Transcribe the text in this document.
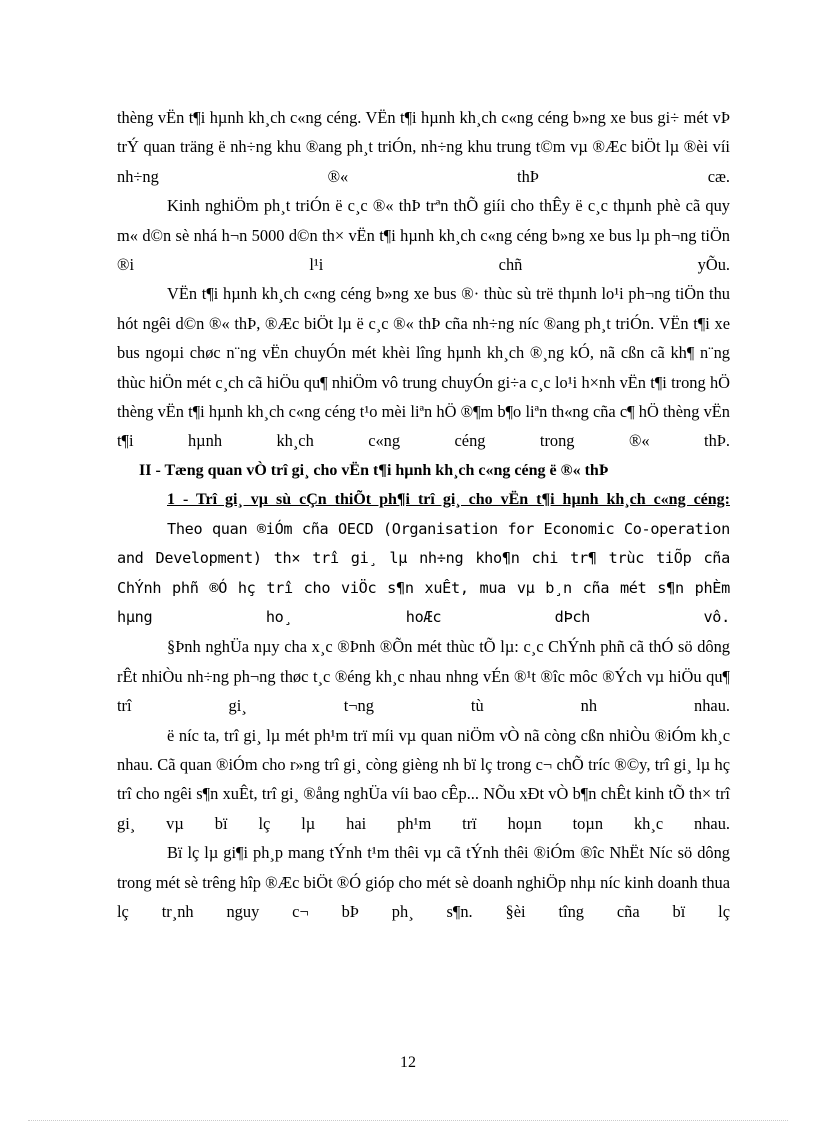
thèng vËn t¶i hµnh kh¸ch c«ng céng. VËn t¶i hµnh kh¸ch c«ng céng b»ng xe bus gi÷ mét vÞ trÝ quan träng ë nh÷ng khu ®ang ph¸t triÓn, nh÷ng khu trung t©m vµ ®Æc biÖt lµ ®èi víi nh÷ng ®« thÞ cæ.

Kinh nghiÖm ph¸t triÓn ë c¸c ®« thÞ trªn thÕ giíi cho thÊy ë c¸c thµnh phè cã quy m« d©n sè nhá h¬n 5000 d©n th× vËn t¶i hµnh kh¸ch c«ng céng b»ng xe bus lµ ph¬ng tiÖn ®i l¹i chñ yÕu.

VËn t¶i hµnh kh¸ch c«ng céng b»ng xe bus ®· thùc sù trë thµnh lo¹i ph¬ng tiÖn thu hót ngêi d©n ®« thÞ, ®Æc biÖt lµ ë c¸c ®« thÞ cña nh÷ng níc ®ang ph¸t triÓn. VËn t¶i xe bus ngoµi chøc n¨ng vËn chuyÓn mét khèi lîng hµnh kh¸ch ®¸ng kÓ, nã cßn cã kh¶ n¨ng thùc hiÖn mét c¸ch cã hiÖu qu¶ nhiÖm vô trung chuyÓn gi÷a c¸c lo¹i h×nh vËn t¶i trong hÖ thèng vËn t¶i hµnh kh¸ch c«ng céng t¹o mèi liªn hÖ ®¶m b¶o liªn th«ng cña c¶ hÖ thèng vËn t¶i hµnh kh¸ch c«ng céng trong ®« thÞ.

II - Tæng quan vÒ trî gi¸ cho vËn t¶i hµnh kh¸ch c«ng céng ë ®« thÞ

1 - Trî gi¸ vµ sù cÇn thiÕt ph¶i trî gi¸ cho vËn t¶i hµnh kh¸ch c«ng céng:

Theo quan ®iÓm cña OECD (Organisation for Economic Co-operation and Development) th× trî gi¸ lµ nh÷ng kho¶n chi tr¶ trùc tiÕp cña ChÝnh phñ ®Ó hç trî cho viÖc s¶n xuÊt, mua vµ b¸n cña mét s¶n phÈm hµng ho¸ hoÆc dÞch vô.

§Þnh nghÜa nµy cha x¸c ®Þnh ®Õn mét thùc tÕ lµ: c¸c ChÝnh phñ cã thÓ sö dông rÊt nhiÒu nh÷ng ph¬ng thøc t¸c ®éng kh¸c nhau nhng vÉn ®¹t ®îc môc ®Ých vµ hiÖu qu¶ trî gi¸ t¬ng tù nh nhau.

ë níc ta, trî gi¸ lµ mét ph¹m trï míi vµ quan niÖm vÒ nã còng cßn nhiÒu ®iÓm kh¸c nhau. Cã quan ®iÓm cho r»ng trî gi¸ còng gièng nh bï lç trong c¬ chÕ tríc ®©y, trî gi¸ lµ hç trî cho ngêi s¶n xuÊt, trî gi¸ ®ång nghÜa víi bao cÊp... NÕu xÐt vÒ b¶n chÊt kinh tÕ th× trî gi¸ vµ bï lç lµ hai ph¹m trï hoµn toµn kh¸c nhau.

Bï lç lµ gi¶i ph¸p mang tÝnh t¹m thêi vµ cã tÝnh thêi ®iÓm ®îc NhËt Níc sö dông trong mét sè trêng hîp ®Æc biÖt ®Ó gióp cho mét sè doanh nghiÖp nhµ níc kinh doanh thua lç tr¸nh nguy c¬ bÞ ph¸ s¶n. §èi tîng cña bï lç

12
